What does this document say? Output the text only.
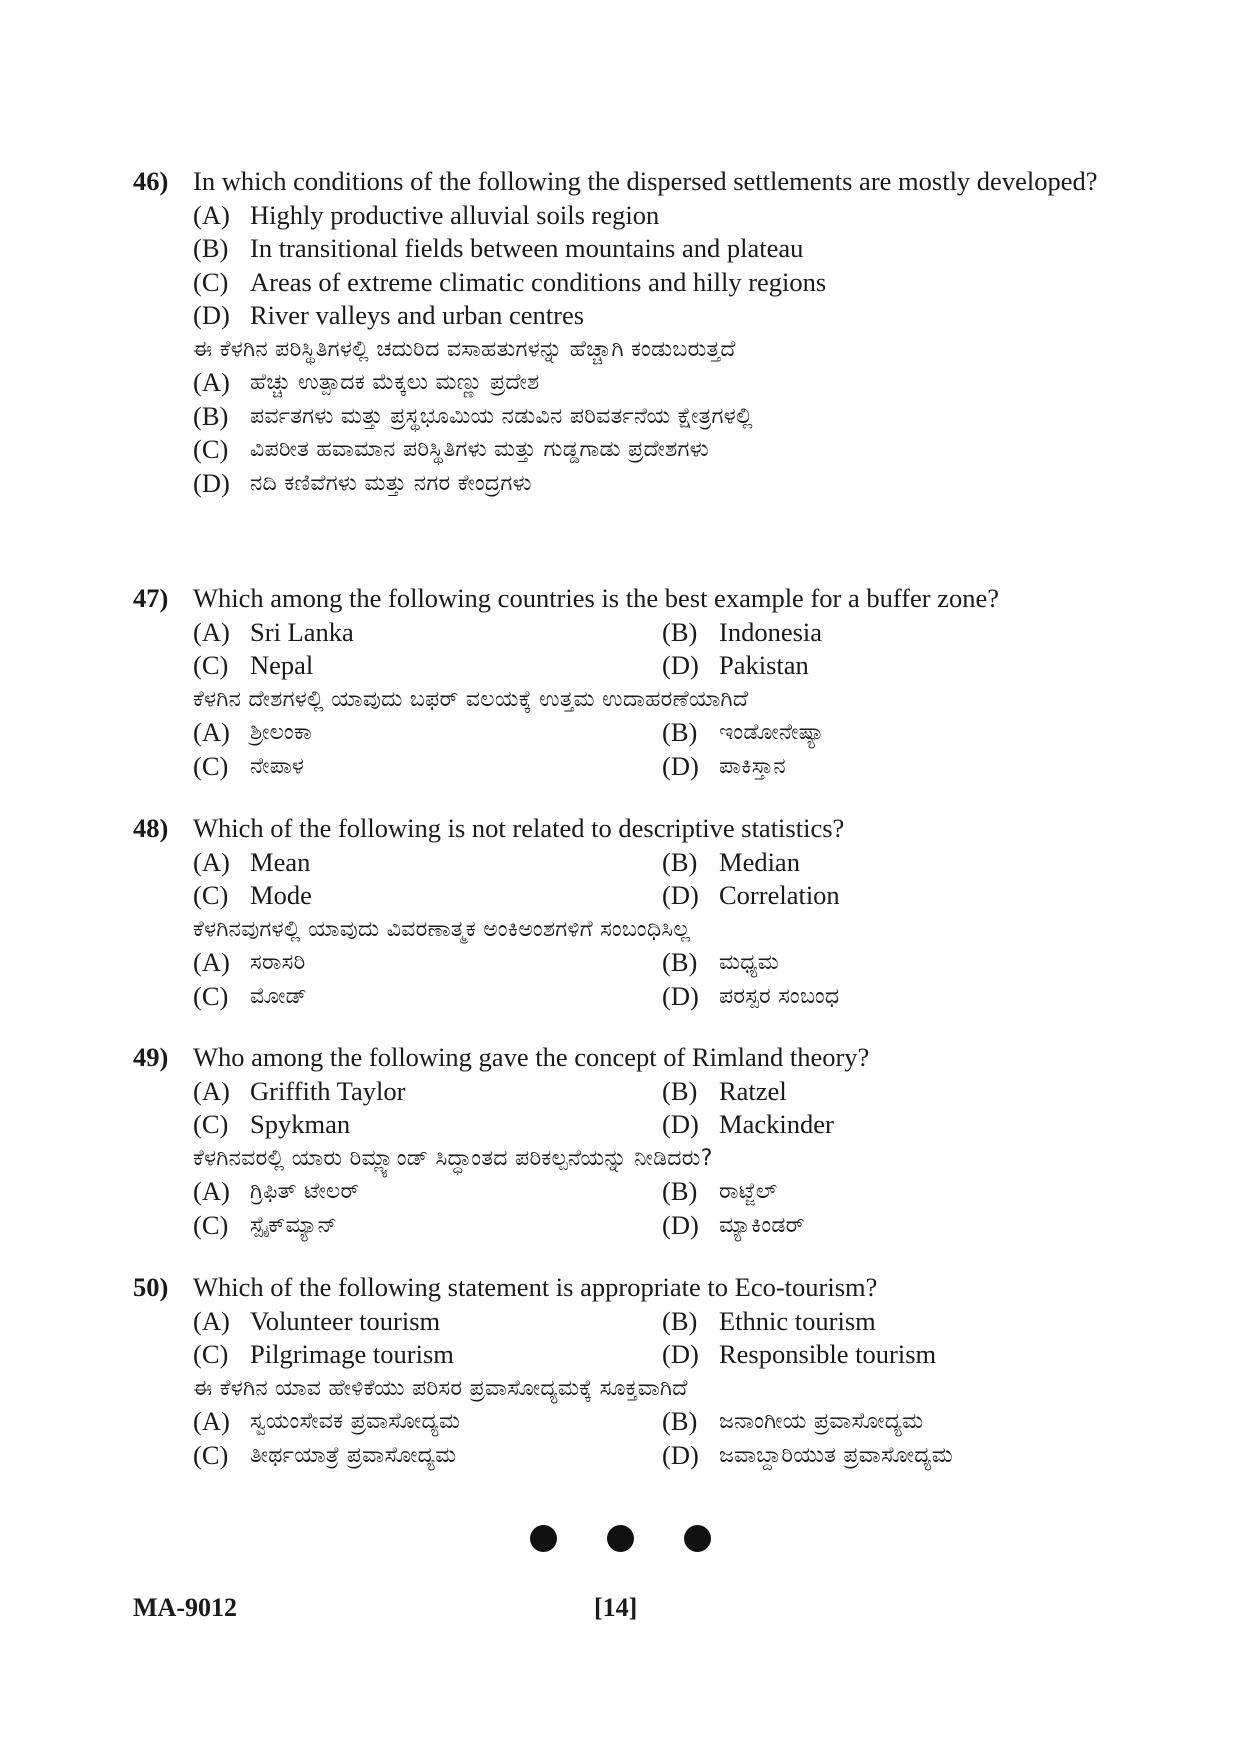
46) In which conditions of the following the dispersed settlements are mostly developed?
(A) Highly productive alluvial soils region
(B) In transitional fields between mountains and plateau
(C) Areas of extreme climatic conditions and hilly regions
(D) River valleys and urban centres
ಈ ಕೆಳಗಿನ ಪರಿಸ್ಥಿತಿಗಳಲ್ಲಿ ಚದುರಿದ ವಸಾಹತುಗಳನ್ನು ಹೆಚ್ಚಾಗಿ ಕಂಡುಬರುತ್ತದೆ
(A) ಹೆಚ್ಚು ಉತ್ಪಾದಕ ಮೆಕ್ಕಲು ಮಣ್ಣು ಪ್ರದೇಶ
(B) ಪರ್ವತಗಳು ಮತ್ತು ಪ್ರಸ್ಥಭೂಮಿಯ ನಡುವಿನ ಪರಿವರ್ತನೆಯ ಕ್ಷೇತ್ರಗಳಲ್ಲಿ
(C) ವಿಪರೀತ ಹವಾಮಾನ ಪರಿಸ್ಥಿತಿಗಳು ಮತ್ತು ಗುಡ್ಡಗಾಡು ಪ್ರದೇಶಗಳು
(D) ನದಿ ಕಣಿವೆಗಳು ಮತ್ತು ನಗರ ಕೇಂದ್ರಗಳು
47) Which among the following countries is the best example for a buffer zone?
(A) Sri Lanka	(B) Indonesia
(C) Nepal	(D) Pakistan
ಕೆಳಗಿನ ದೇಶಗಳಲ್ಲಿ ಯಾವುದು ಬಫರ್ ವಲಯಕ್ಕೆ ಉತ್ತಮ ಉದಾಹರಣೆಯಾಗಿದೆ
(A) ಶ್ರೀಲಂಕಾ	(B) ಇಂಡೋನೇಷ್ಯಾ
(C) ನೇಪಾಳ	(D) ಪಾಕಿಸ್ತಾನ
48) Which of the following is not related to descriptive statistics?
(A) Mean	(B) Median
(C) Mode	(D) Correlation
ಕೆಳಗಿನವುಗಳಲ್ಲಿ ಯಾವುದು ವಿವರಣಾತ್ಮಕ ಅಂಕಿಅಂಶಗಳಿಗೆ ಸಂಬಂಧಿಸಿಲ್ಲ
(A) ಸರಾಸರಿ	(B) ಮಧ್ಯಮ
(C) ಮೋಡ್	(D) ಪರಸ್ಪರ ಸಂಬಂಧ
49) Who among the following gave the concept of Rimland theory?
(A) Griffith Taylor	(B) Ratzel
(C) Spykman	(D) Mackinder
ಕೆಳಗಿನವರಲ್ಲಿ ಯಾರು ರಿಮ್ಲ್ಯಾಂಡ್ ಸಿದ್ಧಾಂತದ ಪರಿಕಲ್ಪನೆಯನ್ನು ನೀಡಿದರು?
(A) ಗ್ರಿಫಿತ್ ಟೇಲರ್	(B) ರಾಟ್ಜೆಲ್
(C) ಸ್ಪೈಕ್‌ಮ್ಯಾನ್	(D) ಮ್ಯಾಕಿಂಡರ್
50) Which of the following statement is appropriate to Eco-tourism?
(A) Volunteer tourism	(B) Ethnic tourism
(C) Pilgrimage tourism	(D) Responsible tourism
ಈ ಕೆಳಗಿನ ಯಾವ ಹೇಳಿಕೆಯು ಪರಿಸರ ಪ್ರವಾಸೋದ್ಯಮಕ್ಕೆ ಸೂಕ್ತವಾಗಿದೆ
(A) ಸ್ವಯಂಸೇವಕ ಪ್ರವಾಸೋದ್ಯಮ	(B) ಜನಾಂಗೀಯ ಪ್ರವಾಸೋದ್ಯಮ
(C) ತೀರ್ಥಯಾತ್ರೆ ಪ್ರವಾಸೋದ್ಯಮ	(D) ಜವಾಬ್ದಾರಿಯುತ ಪ್ರವಾಸೋದ್ಯಮ
MA-9012	[14]
